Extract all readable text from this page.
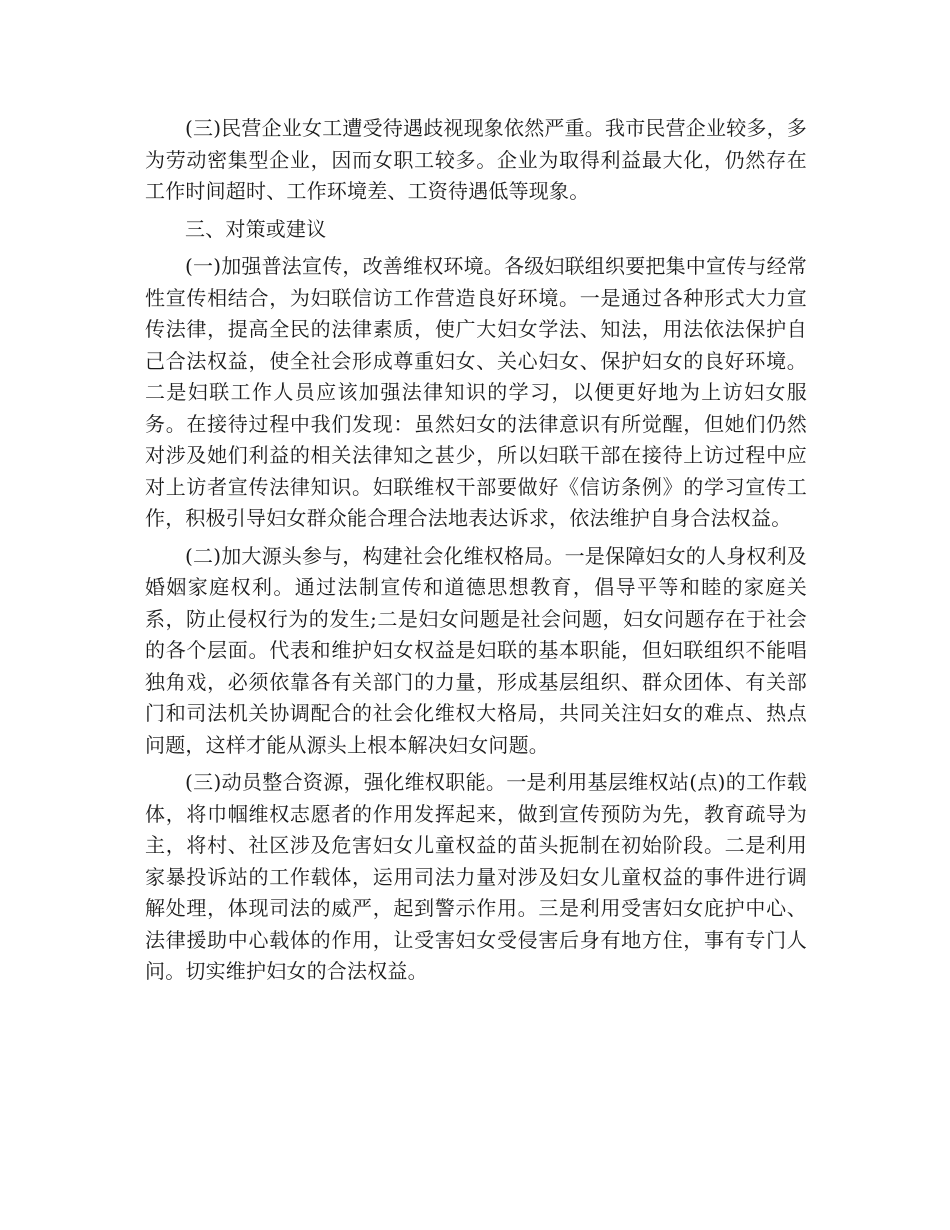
(三)民营企业女工遭受待遇歧视现象依然严重。我市民营企业较多，多为劳动密集型企业，因而女职工较多。企业为取得利益最大化，仍然存在工作时间超时、工作环境差、工资待遇低等现象。

三、对策或建议

(一)加强普法宣传，改善维权环境。各级妇联组织要把集中宣传与经常性宣传相结合，为妇联信访工作营造良好环境。一是通过各种形式大力宣传法律，提高全民的法律素质，使广大妇女学法、知法，用法依法保护自己合法权益，使全社会形成尊重妇女、关心妇女、保护妇女的良好环境。二是妇联工作人员应该加强法律知识的学习，以便更好地为上访妇女服务。在接待过程中我们发现：虽然妇女的法律意识有所觉醒，但她们仍然对涉及她们利益的相关法律知之甚少，所以妇联干部在接待上访过程中应对上访者宣传法律知识。妇联维权干部要做好《信访条例》的学习宣传工作，积极引导妇女群众能合理合法地表达诉求，依法维护自身合法权益。

(二)加大源头参与，构建社会化维权格局。一是保障妇女的人身权利及婚姻家庭权利。通过法制宣传和道德思想教育，倡导平等和睦的家庭关系，防止侵权行为的发生;二是妇女问题是社会问题，妇女问题存在于社会的各个层面。代表和维护妇女权益是妇联的基本职能，但妇联组织不能唱独角戏，必须依靠各有关部门的力量，形成基层组织、群众团体、有关部门和司法机关协调配合的社会化维权大格局，共同关注妇女的难点、热点问题，这样才能从源头上根本解决妇女问题。

(三)动员整合资源，强化维权职能。一是利用基层维权站(点)的工作载体，将巾帼维权志愿者的作用发挥起来，做到宣传预防为先，教育疏导为主，将村、社区涉及危害妇女儿童权益的苗头扼制在初始阶段。二是利用家暴投诉站的工作载体，运用司法力量对涉及妇女儿童权益的事件进行调解处理，体现司法的威严，起到警示作用。三是利用受害妇女庇护中心、法律援助中心载体的作用，让受害妇女受侵害后身有地方住，事有专门人问。切实维护妇女的合法权益。
